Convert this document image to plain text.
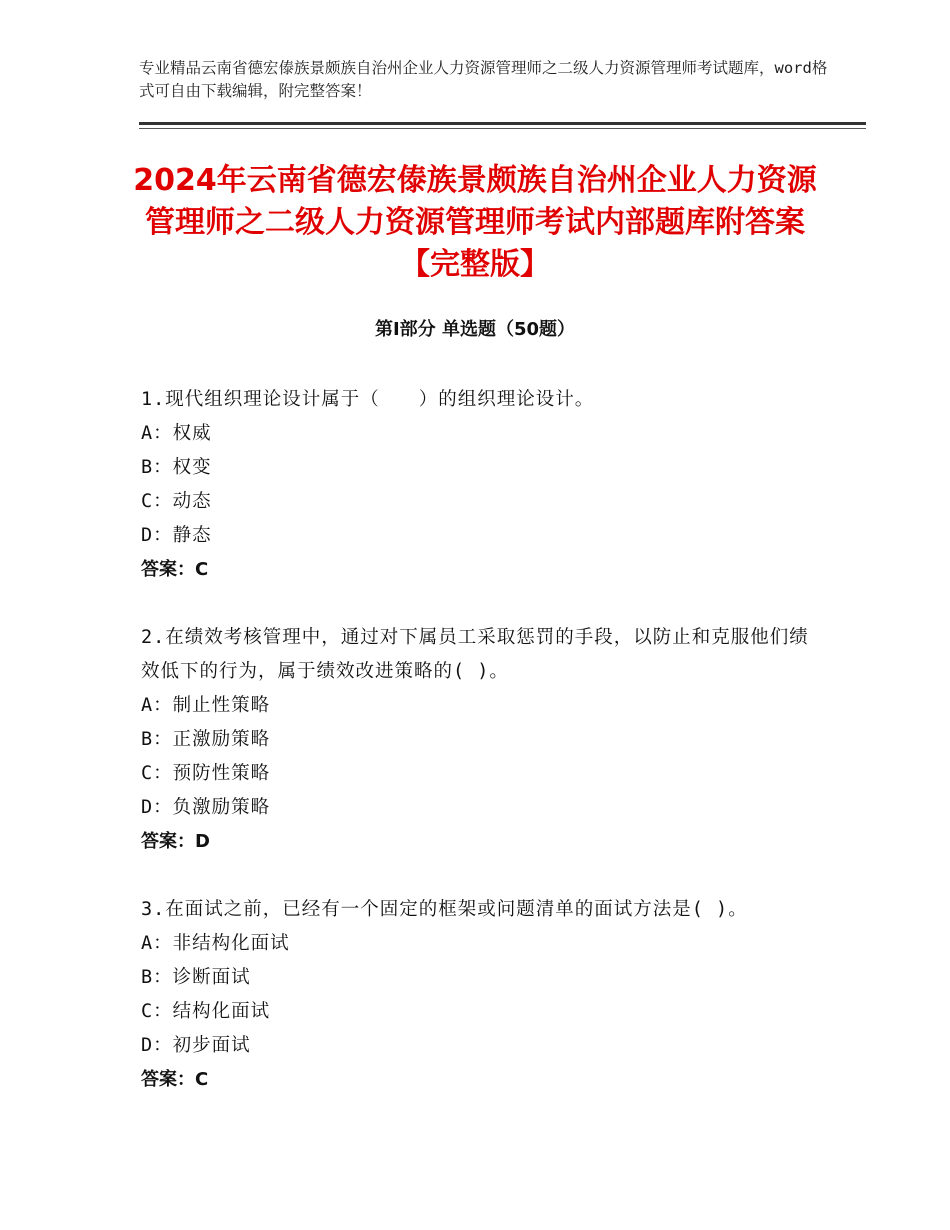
专业精品云南省德宏傣族景颇族自治州企业人力资源管理师之二级人力资源管理师考试题库，word格式可自由下载编辑，附完整答案！
2024年云南省德宏傣族景颇族自治州企业人力资源管理师之二级人力资源管理师考试内部题库附答案【完整版】
第Ⅰ部分 单选题（50题）
1.现代组织理论设计属于（　　）的组织理论设计。
A：权威
B：权变
C：动态
D：静态
答案：C
2.在绩效考核管理中，通过对下属员工采取惩罚的手段，以防止和克服他们绩效低下的行为，属于绩效改进策略的( )。
A：制止性策略
B：正激励策略
C：预防性策略
D：负激励策略
答案：D
3.在面试之前，已经有一个固定的框架或问题清单的面试方法是( )。
A：非结构化面试
B：诊断面试
C：结构化面试
D：初步面试
答案：C
